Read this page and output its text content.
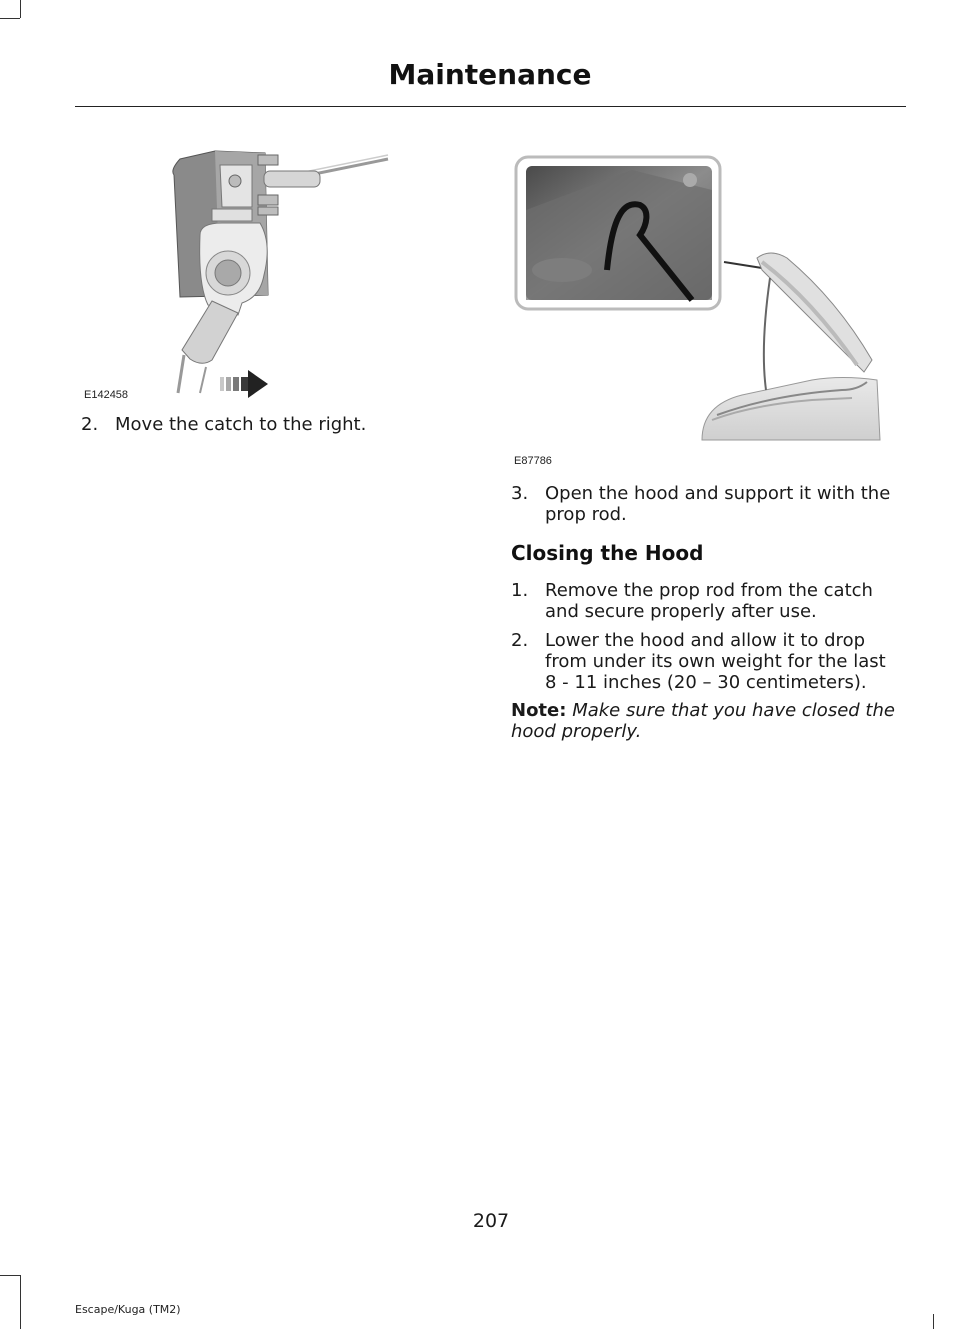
Maintenance
E142458
2. Move the catch to the right.
E87786
3. Open the hood and support it with the
prop rod.
Closing the Hood
1. Remove the prop rod from the catch
and secure properly after use.
2. Lower the hood and allow it to drop
from under its own weight for the last
8 - 11 inches (20 – 30 centimeters).
Note: Make sure that you have closed the
hood properly.
207
Escape/Kuga (TM2)
